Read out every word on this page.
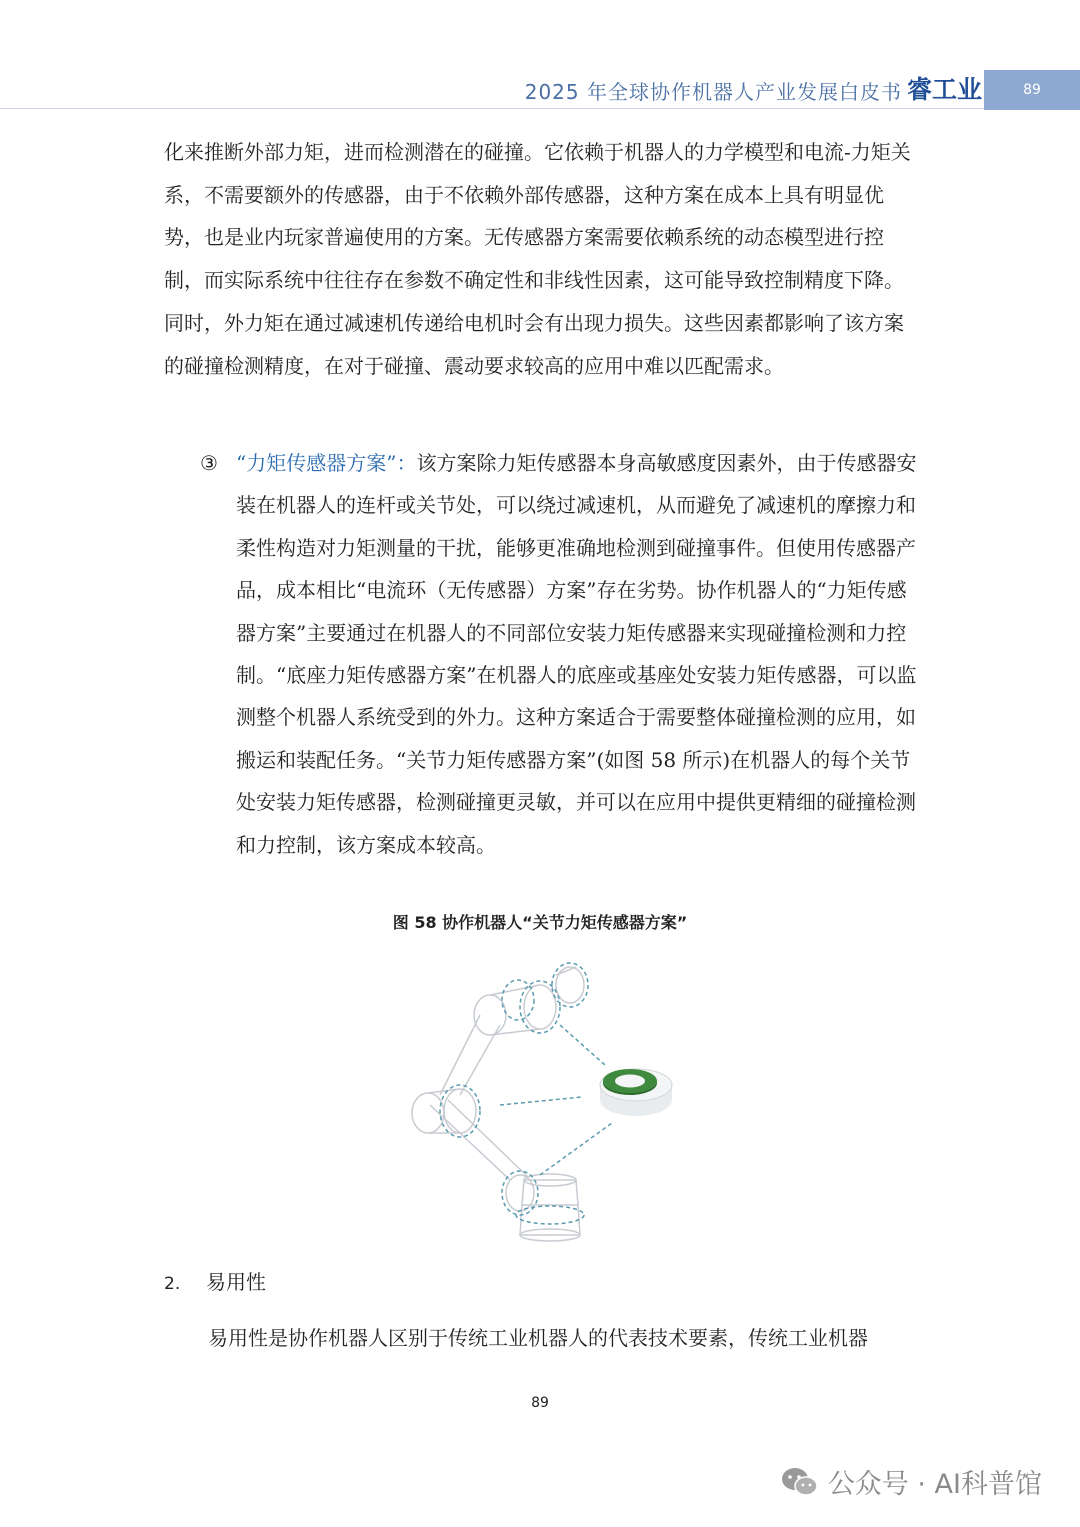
2025 年全球协作机器人产业发展白皮书 睿工业	89

化来推断外部力矩，进而检测潜在的碰撞。它依赖于机器人的力学模型和电流-力矩关系，不需要额外的传感器，由于不依赖外部传感器，这种方案在成本上具有明显优势，也是业内玩家普遍使用的方案。无传感器方案需要依赖系统的动态模型进行控制，而实际系统中往往存在参数不确定性和非线性因素，这可能导致控制精度下降。同时，外力矩在通过减速机传递给电机时会有出现力损失。这些因素都影响了该方案的碰撞检测精度，在对于碰撞、震动要求较高的应用中难以匹配需求。

③ “力矩传感器方案”：该方案除力矩传感器本身高敏感度因素外，由于传感器安装在机器人的连杆或关节处，可以绕过减速机，从而避免了减速机的摩擦力和柔性构造对力矩测量的干扰，能够更准确地检测到碰撞事件。但使用传感器产品，成本相比“电流环（无传感器）方案”存在劣势。协作机器人的“力矩传感器方案”主要通过在机器人的不同部位安装力矩传感器来实现碰撞检测和力控制。“底座力矩传感器方案”在机器人的底座或基座处安装力矩传感器，可以监测整个机器人系统受到的外力。这种方案适合于需要整体碰撞检测的应用，如搬运和装配任务。“关节力矩传感器方案”(如图 58 所示)在机器人的每个关节处安装力矩传感器，检测碰撞更灵敏，并可以在应用中提供更精细的碰撞检测和力控制，该方案成本较高。
图 58 协作机器人“关节力矩传感器方案”
2. 易用性

易用性是协作机器人区别于传统工业机器人的代表技术要素，传统工业机器

89
公众号 · AI科普馆
